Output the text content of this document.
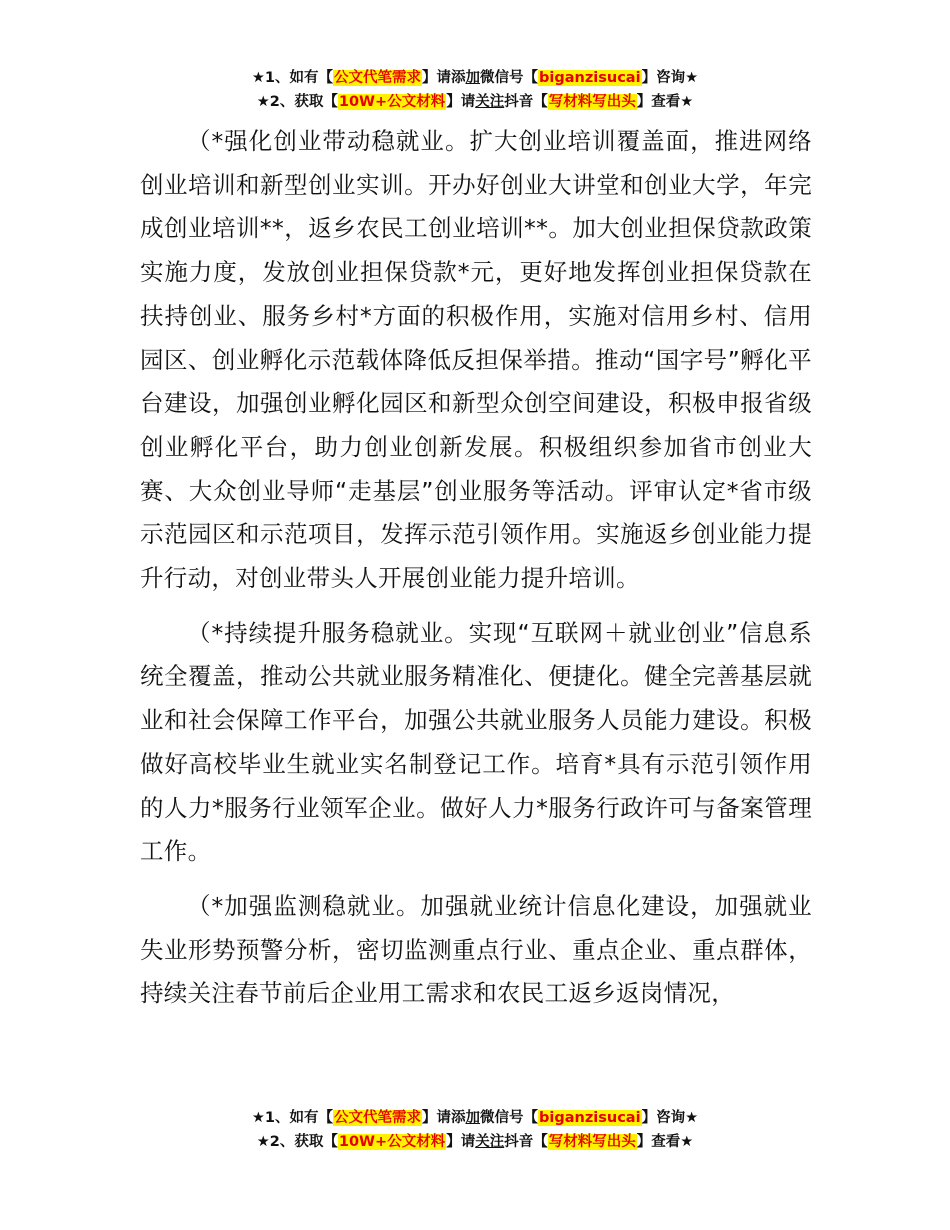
★1、如有【公文代笔需求】请添加微信号【biganzisucai】咨询★
★2、获取【10W+公文材料】请关注抖音【写材料写出头】查看★

（*强化创业带动稳就业。扩大创业培训覆盖面，推进网络创业培训和新型创业实训。开办好创业大讲堂和创业大学，年完成创业培训**，返乡农民工创业培训**。加大创业担保贷款政策实施力度，发放创业担保贷款*元，更好地发挥创业担保贷款在扶持创业、服务乡村*方面的积极作用，实施对信用乡村、信用园区、创业孵化示范载体降低反担保举措。推动“国字号”孵化平台建设，加强创业孵化园区和新型众创空间建设，积极申报省级创业孵化平台，助力创业创新发展。积极组织参加省市创业大赛、大众创业导师“走基层”创业服务等活动。评审认定*省市级示范园区和示范项目，发挥示范引领作用。实施返乡创业能力提升行动，对创业带头人开展创业能力提升培训。

（*持续提升服务稳就业。实现“互联网＋就业创业”信息系统全覆盖，推动公共就业服务精准化、便捷化。健全完善基层就业和社会保障工作平台，加强公共就业服务人员能力建设。积极做好高校毕业生就业实名制登记工作。培育*具有示范引领作用的人力*服务行业领军企业。做好人力*服务行政许可与备案管理工作。

（*加强监测稳就业。加强就业统计信息化建设，加强就业失业形势预警分析，密切监测重点行业、重点企业、重点群体，持续关注春节前后企业用工需求和农民工返乡返岗情况，

★1、如有【公文代笔需求】请添加微信号【biganzisucai】咨询★
★2、获取【10W+公文材料】请关注抖音【写材料写出头】查看★
